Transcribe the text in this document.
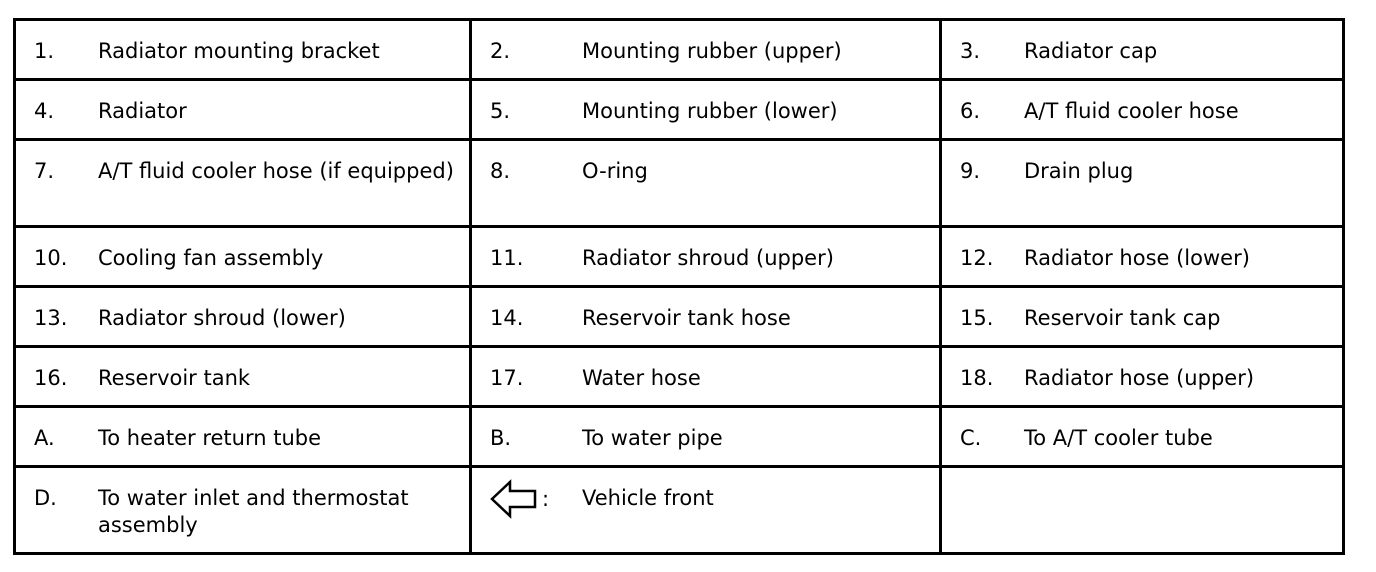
1. Radiator mounting bracket	2. Mounting rubber (upper)	3. Radiator cap

4. Radiator	5. Mounting rubber (lower)	6. A/T fluid cooler hose

7. A/T fluid cooler hose (if equipped)	8. O-ring	9. Drain plug

10. Cooling fan assembly	11. Radiator shroud (upper)	12. Radiator hose (lower)

13. Radiator shroud (lower)	14. Reservoir tank hose	15. Reservoir tank cap

16. Reservoir tank	17. Water hose	18. Radiator hose (upper)

A. To heater return tube	B. To water pipe	C. To A/T cooler tube

D. To water inlet and thermostat assembly	: Vehicle front	
